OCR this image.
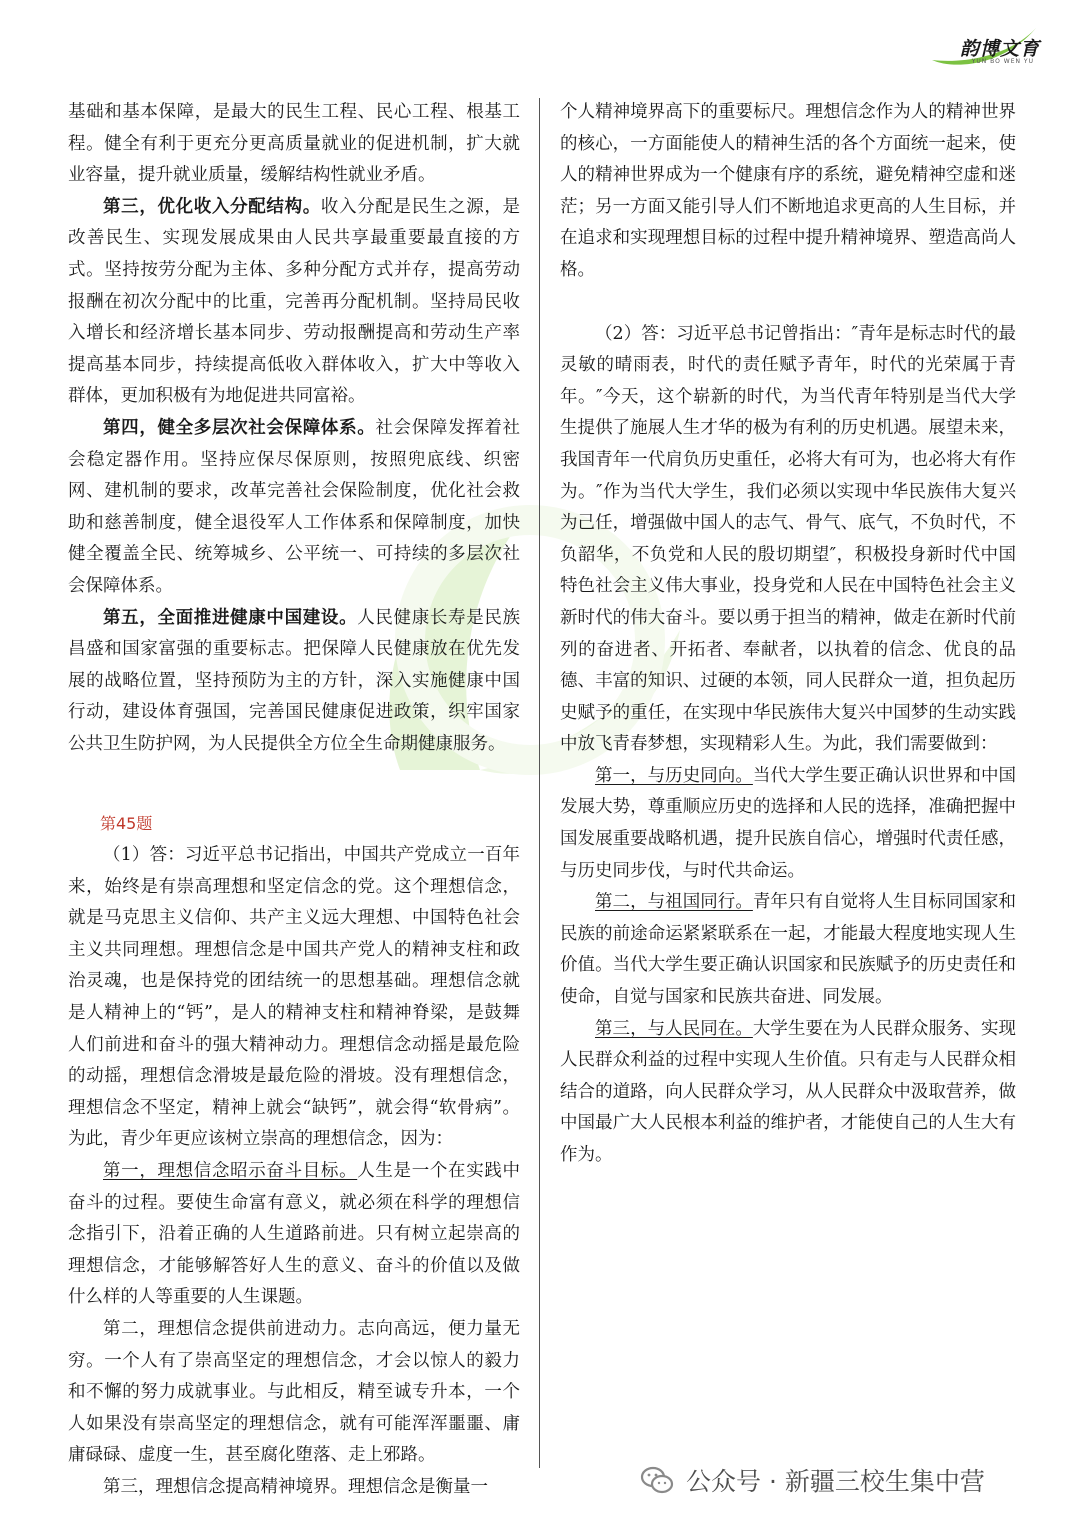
韵博文育
YUN BO WEN YU

基础和基本保障，是最大的民生工程、民心工程、根基工程。健全有利于更充分更高质量就业的促进机制，扩大就业容量，提升就业质量，缓解结构性就业矛盾。

第三，优化收入分配结构。收入分配是民生之源，是改善民生、实现发展成果由人民共享最重要最直接的方式。坚持按劳分配为主体、多种分配方式并存，提高劳动报酬在初次分配中的比重，完善再分配机制。坚持局民收入增长和经济增长基本同步、劳动报酬提高和劳动生产率提高基本同步，持续提高低收入群体收入，扩大中等收入群体，更加积极有为地促进共同富裕。

第四，健全多层次社会保障体系。社会保障发挥着社会稳定器作用。坚持应保尽保原则，按照兜底线、织密网、建机制的要求，改革完善社会保险制度，优化社会救助和慈善制度，健全退役军人工作体系和保障制度，加快健全覆盖全民、统筹城乡、公平统一、可持续的多层次社会保障体系。

第五，全面推进健康中国建设。人民健康长寿是民族昌盛和国家富强的重要标志。把保障人民健康放在优先发展的战略位置，坚持预防为主的方针，深入实施健康中国行动，建设体育强国，完善国民健康促进政策，织牢国家公共卫生防护网，为人民提供全方位全生命期健康服务。

第45题

（1）答：习近平总书记指出，中国共产党成立一百年来，始终是有崇高理想和坚定信念的党。这个理想信念，就是马克思主义信仰、共产主义远大理想、中国特色社会主义共同理想。理想信念是中国共产党人的精神支柱和政治灵魂，也是保持党的团结统一的思想基础。理想信念就是人精神上的“钙”，是人的精神支柱和精神脊梁，是鼓舞人们前进和奋斗的强大精神动力。理想信念动摇是最危险的动摇，理想信念滑坡是最危险的滑坡。没有理想信念，理想信念不坚定，精神上就会“缺钙”，就会得“软骨病”。为此，青少年更应该树立崇高的理想信念，因为：

第一，理想信念昭示奋斗目标。人生是一个在实践中奋斗的过程。要使生命富有意义，就必须在科学的理想信念指引下，沿着正确的人生道路前进。只有树立起崇高的理想信念，才能够解答好人生的意义、奋斗的价值以及做什么样的人等重要的人生课题。

第二，理想信念提供前进动力。志向高远，便力量无穷。一个人有了崇高坚定的理想信念，才会以惊人的毅力和不懈的努力成就事业。与此相反，精至诚专升本，一个人如果没有崇高坚定的理想信念，就有可能浑浑噩噩、庸庸碌碌、虚度一生，甚至腐化堕落、走上邪路。

第三，理想信念提高精神境界。理想信念是衡量一

个人精神境界高下的重要标尺。理想信念作为人的精神世界的核心，一方面能使人的精神生活的各个方面统一起来，使人的精神世界成为一个健康有序的系统，避免精神空虚和迷茫；另一方面又能引导人们不断地追求更高的人生目标，并在追求和实现理想目标的过程中提升精神境界、塑造高尚人格。

（2）答：习近平总书记曾指出：″青年是标志时代的最灵敏的晴雨表，时代的责任赋予青年，时代的光荣属于青年。″今天，这个崭新的时代，为当代青年特别是当代大学生提供了施展人生才华的极为有利的历史机遇。展望未来，我国青年一代肩负历史重任，必将大有可为，也必将大有作为。″作为当代大学生，我们必须以实现中华民族伟大复兴为己任，增强做中国人的志气、骨气、底气，不负时代，不负韶华，不负党和人民的殷切期望″，积极投身新时代中国特色社会主义伟大事业，投身党和人民在中国特色社会主义新时代的伟大奋斗。要以勇于担当的精神，做走在新时代前列的奋进者、开拓者、奉献者，以执着的信念、优良的品德、丰富的知识、过硬的本领，同人民群众一道，担负起历史赋予的重任，在实现中华民族伟大复兴中国梦的生动实践中放飞青春梦想，实现精彩人生。为此，我们需要做到：

第一，与历史同向。当代大学生要正确认识世界和中国发展大势，尊重顺应历史的选择和人民的选择，准确把握中国发展重要战略机遇，提升民族自信心，增强时代责任感，与历史同步伐，与时代共命运。

第二，与祖国同行。青年只有自觉将人生目标同国家和民族的前途命运紧紧联系在一起，才能最大程度地实现人生价值。当代大学生要正确认识国家和民族赋予的历史责任和使命，自觉与国家和民族共奋进、同发展。

第三，与人民同在。大学生要在为人民群众服务、实现人民群众利益的过程中实现人生价值。只有走与人民群众相结合的道路，向人民群众学习，从人民群众中汲取营养，做中国最广大人民根本利益的维护者，才能使自己的人生大有作为。

公众号 · 新疆三校生集中营
